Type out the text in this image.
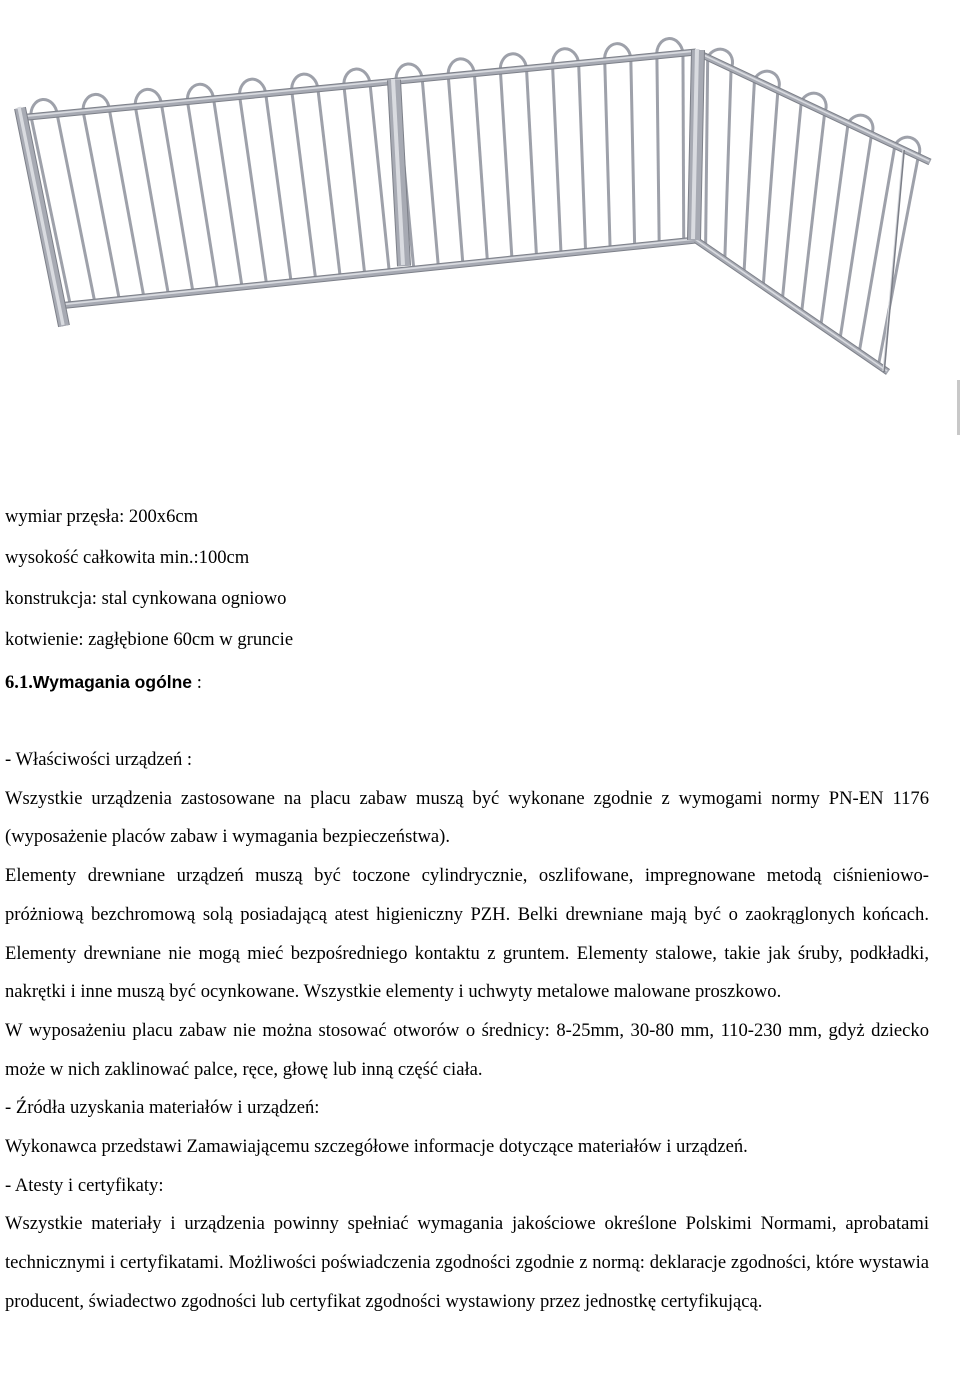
wymiar przęsła: 200x6cm
wysokość całkowita min.:100cm
konstrukcja: stal cynkowana ogniowo
kotwienie: zagłębione 60cm w gruncie
6.1.Wymagania ogólne :
- Właściwości urządzeń :

Wszystkie urządzenia zastosowane na placu zabaw muszą być wykonane zgodnie z wymogami normy PN-EN 1176 (wyposażenie placów zabaw i wymagania bezpieczeństwa).

Elementy drewniane urządzeń muszą być toczone cylindrycznie, oszlifowane, impregnowane metodą ciśnieniowo-próżniową bezchromową solą posiadającą atest higieniczny PZH. Belki drewniane mają być o zaokrąglonych końcach. Elementy drewniane nie mogą mieć bezpośredniego kontaktu z gruntem. Elementy stalowe, takie jak śruby, podkładki, nakrętki i inne muszą być ocynkowane. Wszystkie elementy i uchwyty metalowe malowane proszkowo.

W wyposażeniu placu zabaw nie można stosować otworów o średnicy: 8-25mm, 30-80 mm, 110-230 mm, gdyż dziecko może w nich zaklinować palce, ręce, głowę lub inną część ciała.

- Źródła uzyskania materiałów i urządzeń:

Wykonawca przedstawi Zamawiającemu szczegółowe informacje dotyczące materiałów i urządzeń.

- Atesty i certyfikaty:

Wszystkie materiały i urządzenia powinny spełniać wymagania jakościowe określone Polskimi Normami, aprobatami technicznymi i certyfikatami. Możliwości poświadczenia zgodności zgodnie z normą: deklaracje zgodności, które wystawia producent, świadectwo zgodności lub certyfikat zgodności wystawiony przez jednostkę certyfikującą.
